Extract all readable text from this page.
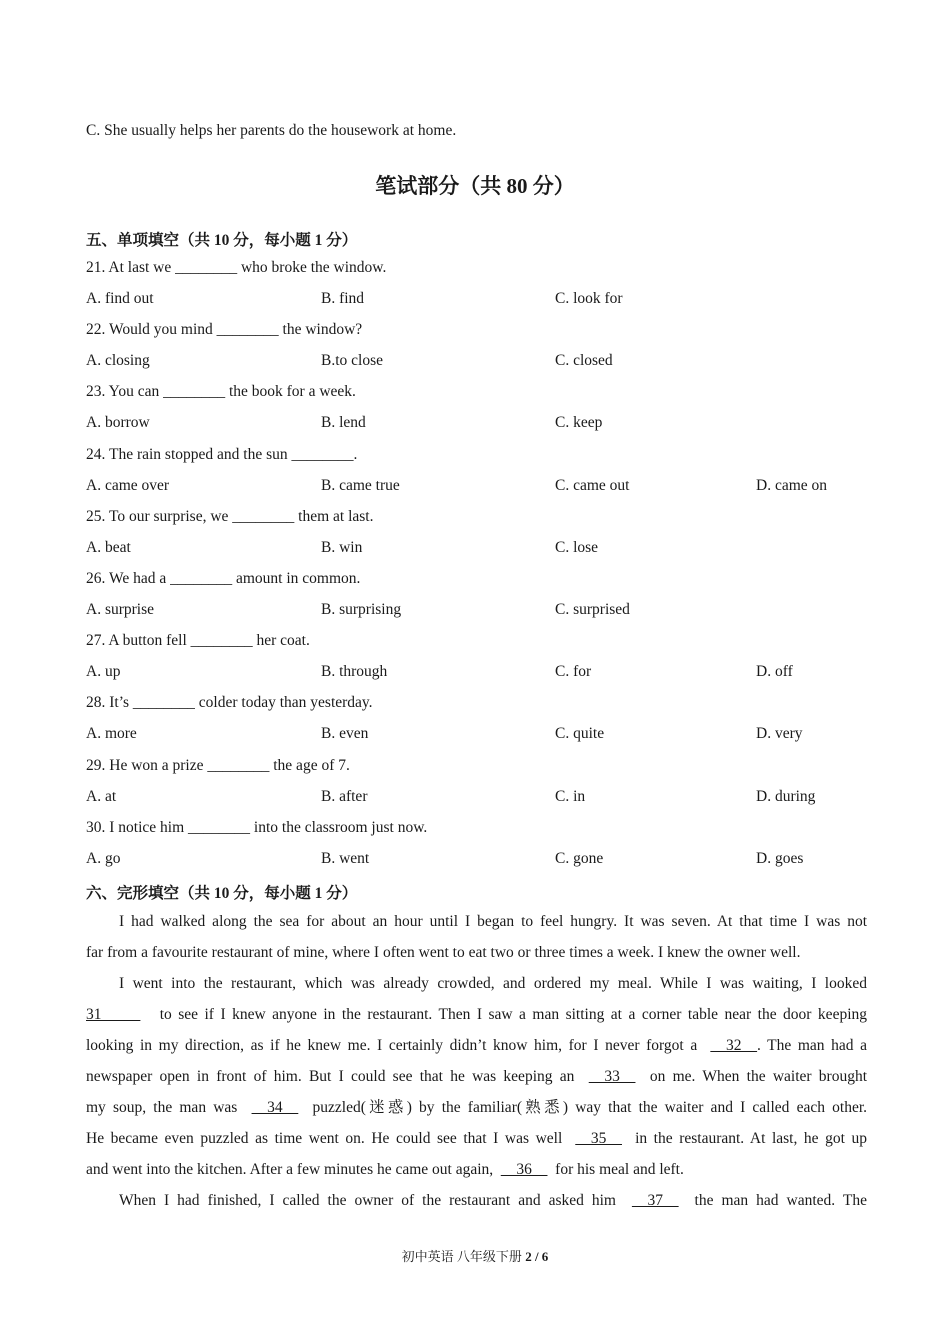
C. She usually helps her parents do the housework at home.
笔试部分（共 80 分）
五、单项填空（共 10 分，每小题 1 分）
21. At last we ________ who broke the window.
A. find out	B. find	C. look for
22. Would you mind ________ the window?
A. closing	B.to close	C. closed
23. You can ________ the book for a week.
A. borrow	B. lend	C. keep
24. The rain stopped and the sun ________.
A. came over	B. came true	C. came out	D. came on
25. To our surprise, we ________ them at last.
A. beat	B. win	C. lose
26. We had a ________ amount in common.
A. surprise	B. surprising	C. surprised
27. A button fell ________ her coat.
A. up	B. through	C. for	D. off
28. It’s ________ colder today than yesterday.
A. more	B. even	C. quite	D. very
29. He won a prize ________ the age of 7.
A. at	B. after	C. in	D. during
30. I notice him ________ into the classroom just now.
A. go	B. went	C. gone	D. goes
六、完形填空（共 10 分，每小题 1 分）
I had walked along the sea for about an hour until I began to feel hungry. It was seven. At that time I was not
far from a favourite restaurant of mine, where I often went to eat two or three times a week. I knew the owner well.
I went into the restaurant, which was already crowded, and ordered my meal. While I was waiting, I looked
31_____ to see if I knew anyone in the restaurant. Then I saw a man sitting at a corner table near the door keeping
looking in my direction, as if he knew me. I certainly didn’t know him, for I never forgot a __32__. The man had a
newspaper open in front of him. But I could see that he was keeping an __33__ on me. When the waiter brought
my soup, the man was __34__ puzzled(迷惑) by the familiar(熟悉) way that the waiter and I called each other.
He became even puzzled as time went on. He could see that I was well __35__ in the restaurant. At last, he got up
and went into the kitchen. After a few minutes he came out again, __36__ for his meal and left.
When I had finished, I called the owner of the restaurant and asked him __37__ the man had wanted. The
初中英语 八年级下册 2 / 6
